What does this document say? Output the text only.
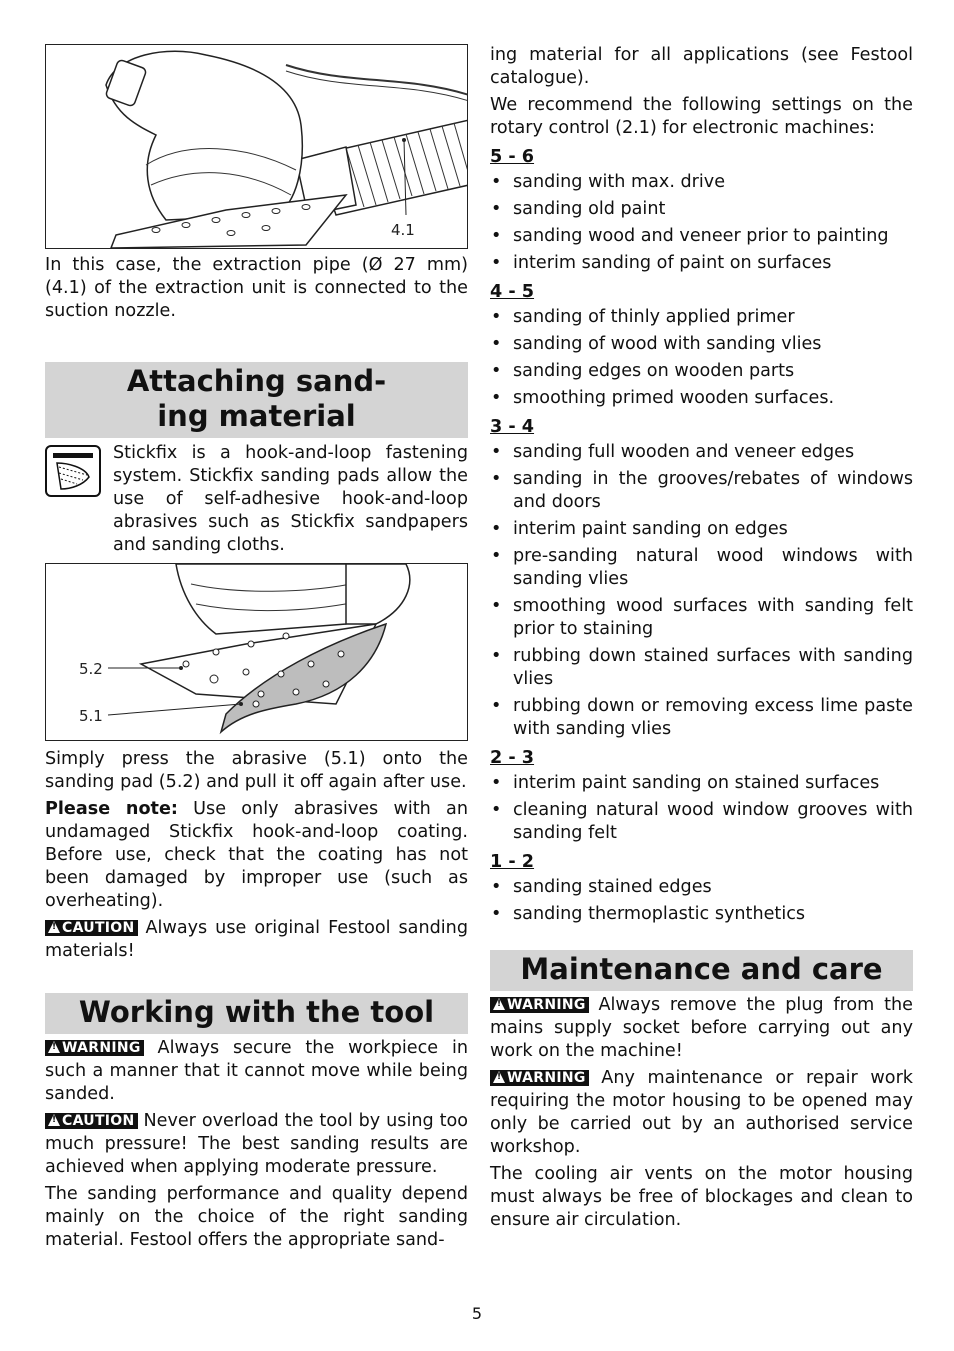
4.1

In this case, the extraction pipe (Ø 27 mm) (4.1) of the extraction unit is connected to the suction nozzle.

Attaching sand-
ing material

Stickfix is a hook-and-loop fastening system. Stickfix sanding pads allow the use of self-adhesive hook-and-loop abrasives such as Stickfix sandpapers and sanding cloths.

5.2
5.1

Simply press the abrasive (5.1) onto the sanding pad (5.2) and pull it off again after use.

Please note: Use only abrasives with an undamaged Stickfix hook-and-loop coating. Before use, check that the coating has not been damaged by improper use (such as overheating).

!CAUTION Always use original Festool sanding materials!

Working with the tool

!WARNING Always secure the workpiece in such a manner that it cannot move while being sanded.

!CAUTION Never overload the tool by using too much pressure! The best sanding results are achieved when applying moderate pressure.

The sanding performance and quality depend mainly on the choice of the right sanding material. Festool offers the appropriate sand-

ing material for all applications (see Festool catalogue).

We recommend the following settings on the rotary control (2.1) for electronic machines:

5 - 6
• sanding with max. drive
• sanding old paint
• sanding wood and veneer prior to painting
• interim sanding of paint on surfaces
4 - 5
• sanding of thinly applied primer
• sanding of wood with sanding vlies
• sanding edges on wooden parts
• smoothing primed wooden surfaces.
3 - 4
• sanding full wooden and veneer edges
• sanding in the grooves/rebates of windows and doors
• interim paint sanding on edges
• pre-sanding natural wood windows with sanding vlies
• smoothing wood surfaces with sanding felt prior to staining
• rubbing down stained surfaces with sanding vlies
• rubbing down or removing excess lime paste with sanding vlies
2 - 3
• interim paint sanding on stained surfaces
• cleaning natural wood window grooves with sanding felt
1 - 2
• sanding stained edges
• sanding thermoplastic synthetics
Maintenance and care

!WARNING Always remove the plug from the mains supply socket before carrying out any work on the machine!

!WARNING Any maintenance or repair work requiring the motor housing to be opened may only be carried out by an authorised service workshop.

The cooling air vents on the motor housing must always be free of blockages and clean to ensure air circulation.

5
